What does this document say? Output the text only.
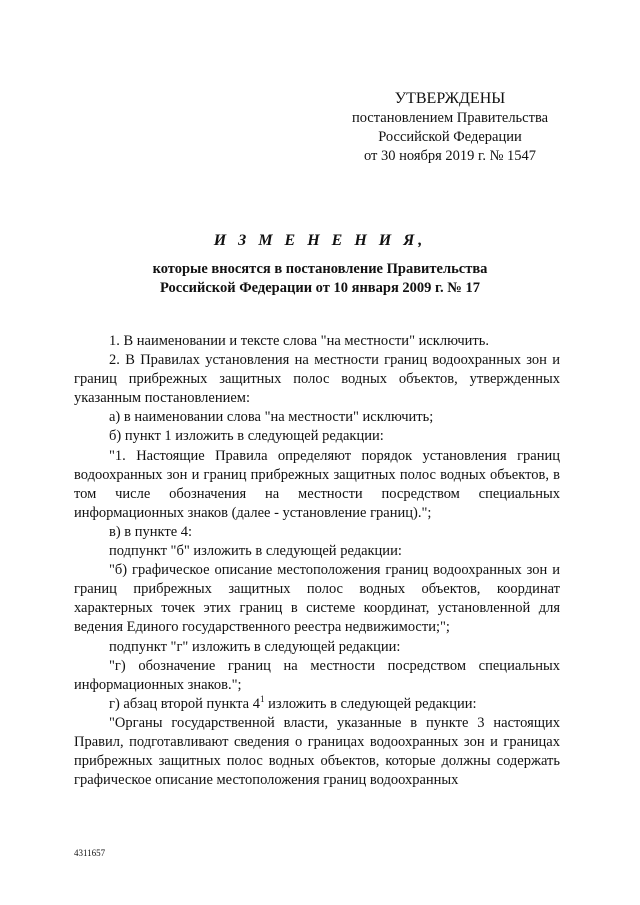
УТВЕРЖДЕНЫ
постановлением Правительства
Российской Федерации
от 30 ноября 2019 г. № 1547
И З М Е Н Е Н И Я,
которые вносятся в постановление Правительства
Российской Федерации от 10 января 2009 г. № 17

1. В наименовании и тексте слова "на местности" исключить.

2. В Правилах установления на местности границ водоохранных зон и границ прибрежных защитных полос водных объектов, утвержденных указанным постановлением:

а) в наименовании слова "на местности" исключить;

б) пункт 1 изложить в следующей редакции:

"1. Настоящие Правила определяют порядок установления границ водоохранных зон и границ прибрежных защитных полос водных объектов, в том числе обозначения на местности посредством специальных информационных знаков (далее - установление границ).";

в) в пункте 4:

подпункт "б" изложить в следующей редакции:

"б) графическое описание местоположения границ водоохранных зон и границ прибрежных защитных полос водных объектов, координат характерных точек этих границ в системе координат, установленной для ведения Единого государственного реестра недвижимости;";

подпункт "г" изложить в следующей редакции:

"г) обозначение границ на местности посредством специальных информационных знаков.";

г) абзац второй пункта $4^1$ изложить в следующей редакции:

"Органы государственной власти, указанные в пункте 3 настоящих Правил, подготавливают сведения о границах водоохранных зон и границах прибрежных защитных полос водных объектов, которые должны содержать графическое описание местоположения границ водоохранных

4311657
